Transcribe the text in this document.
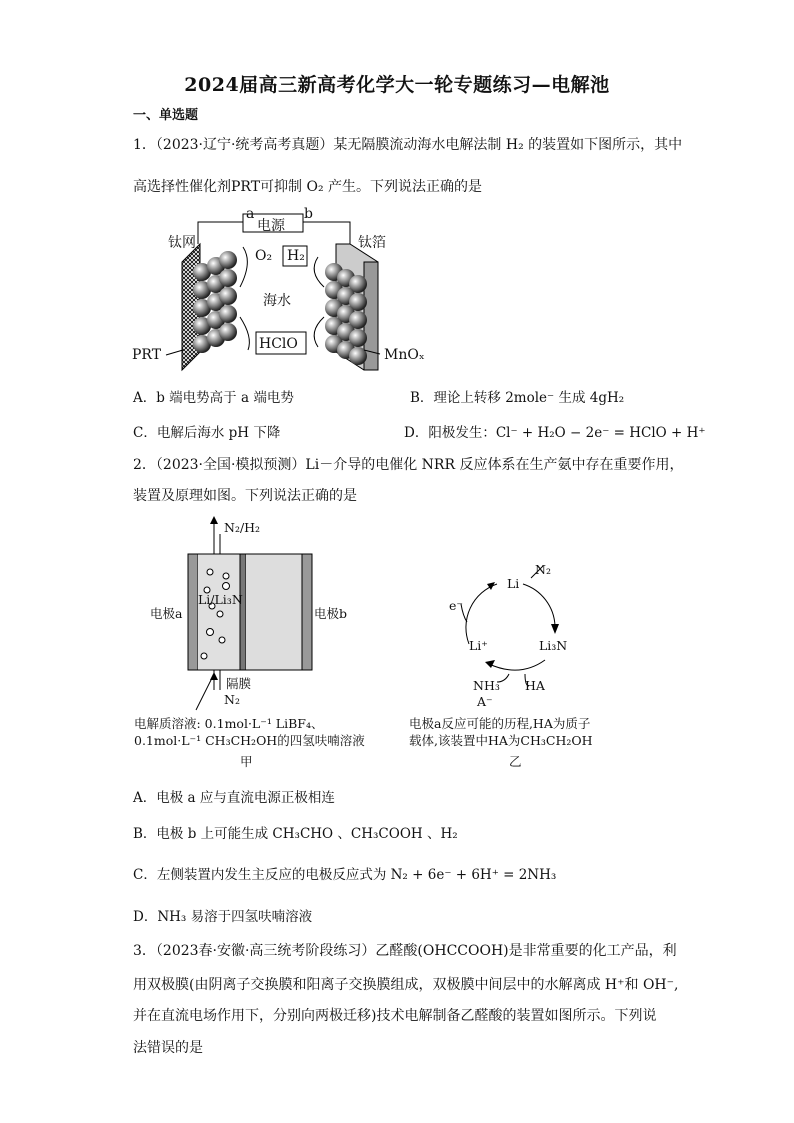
2024届高三新高考化学大一轮专题练习—电解池
一、单选题
1．（2023·辽宁·统考高考真题）某无隔膜流动海水电解法制 H₂ 的装置如下图所示，其中
高选择性催化剂PRT可抑制 O₂ 产生。下列说法正确的是
a	b
电源
钛网	钛箔
O₂ H₂
海水
HClO
PRT	MnOₓ
A．b 端电势高于 a 端电势	B．理论上转移 2mole⁻ 生成 4gH₂
C．电解后海水 pH 下降	D．阳极发生：Cl⁻ + H₂O − 2e⁻ = HClO + H⁺
2．（2023·全国·模拟预测）Li－介导的电催化 NRR 反应体系在生产氨中存在重要作用，
装置及原理如图。下列说法正确的是
N₂/H₂
电极a	电极b
Li/Li₃N
隔膜
N₂
电解质溶液: 0.1mol·L⁻¹ LiBF₄、
0.1mol·L⁻¹ CH₃CH₂OH的四氢呋喃溶液
甲
Li
N₂
e⁻
Li₃N
Li⁺
NH₃
A⁻
HA
电极a反应可能的历程,HA为质子
载体,该装置中HA为CH₃CH₂OH
乙
A．电极 a 应与直流电源正极相连
B．电极 b 上可能生成 CH₃CHO 、CH₃COOH 、H₂
C．左侧装置内发生主反应的电极反应式为 N₂ + 6e⁻ + 6H⁺ = 2NH₃
D．NH₃ 易溶于四氢呋喃溶液
3．（2023春·安徽·高三统考阶段练习）乙醛酸(OHCCOOH)是非常重要的化工产品，利
用双极膜(由阴离子交换膜和阳离子交换膜组成，双极膜中间层中的水解离成 H⁺和 OH⁻,
并在直流电场作用下，分别向两极迁移)技术电解制备乙醛酸的装置如图所示。下列说
法错误的是
